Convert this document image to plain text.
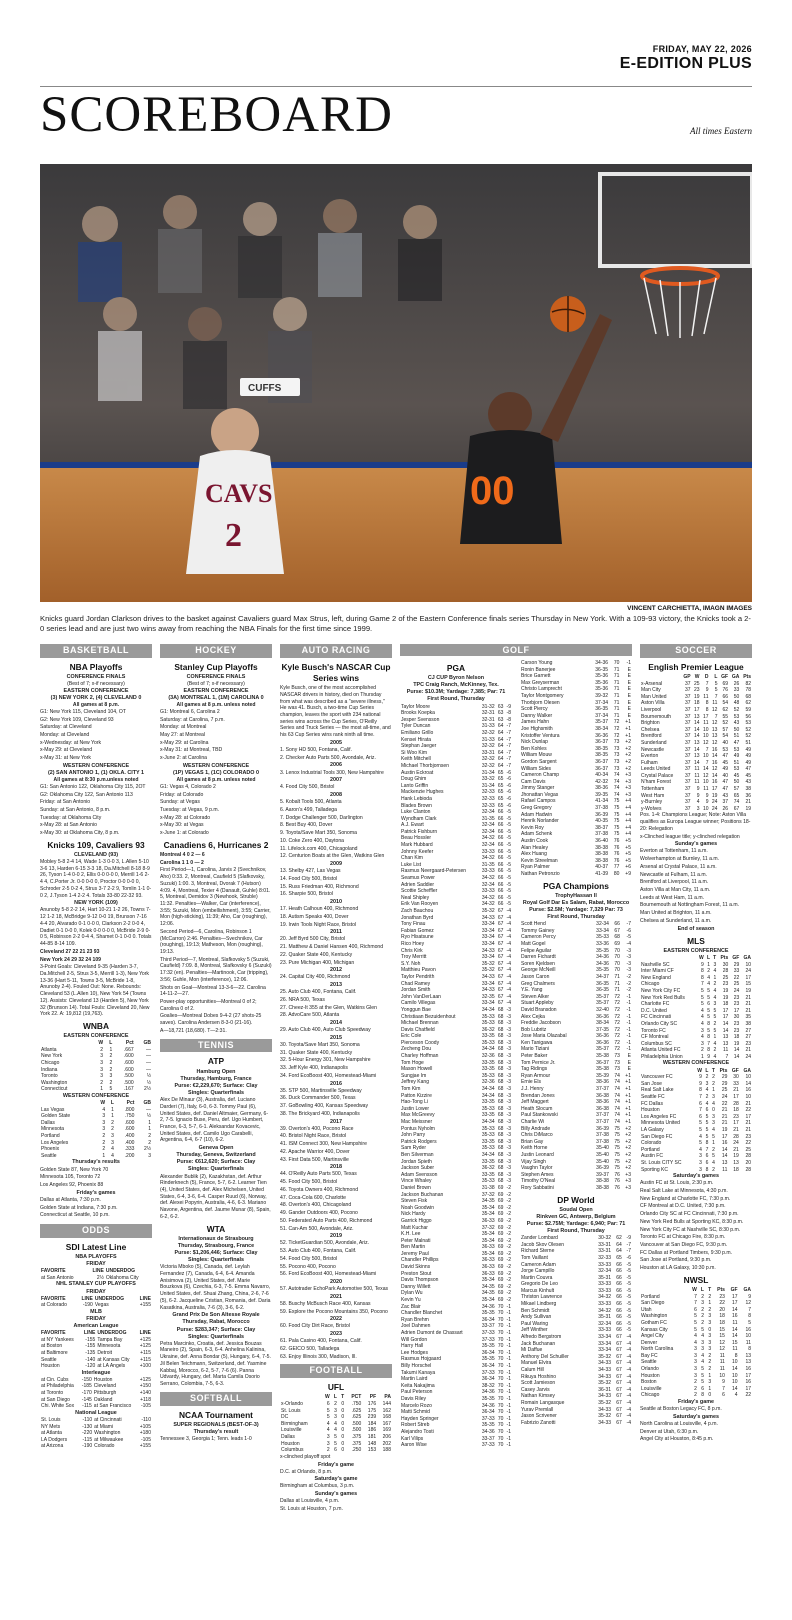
FRIDAY, MAY 22, 2026
E-EDITION PLUS
SCOREBOARD	All times Eastern
CAVS
2
CUFFS
00
VINCENT CARCHIETTA, IMAGN IMAGES
Knicks guard Jordan Clarkson drives to the basket against Cavaliers guard Max Strus, left, during Game 2 of the Eastern Conference finals series Thursday in New York. With a 109-93 victory, the Knicks took a 2-0 series lead and are just two wins away from reaching the NBA Finals for the first time since 1999.
BASKETBALL
NBA Playoffs
CONFERENCE FINALS
(Best of 7; x-if necessary)
EASTERN CONFERENCE
(3) NEW YORK 2, (4) CLEVELAND 0
All games at 8 p.m.

G1: New York 115, Cleveland 104, OT

G2: New York 109, Cleveland 93

Saturday: at Cleveland

Monday: at Cleveland

x-Wednesday: at New York

x-May 29: at Cleveland

x-May 31: at New York

WESTERN CONFERENCE
(2) SAN ANTONIO 1, (1) OKLA. CITY 1
All games at 8:30 p.m.unless noted

G1: San Antonio 122, Oklahoma City 115, 2OT

G2: Oklahoma City 122, San Antonio 113

Friday: at San Antonio

Sunday: at San Antonio, 8 p.m.

Tuesday: at Oklahoma City

x-May 28: at San Antonio

x-May 30: at Oklahoma City, 8 p.m.

Knicks 109, Cavaliers 93
CLEVELAND (93)

Mobley 5-8 2-4 14, Wade 1-3 0-0 3, L.Allen 5-10 3-6 13, Harden 6-15 3-3 18, Da.Mitchell 8-18 8-9 26, Tyson 1-4 0-0 2, Ellis 0-0 0-0 0, Merrill 1-6 2-4 4, C.Porter Jr. 0-0 0-0 0, Proctor 0-0 0-0 0, Schroder 2-5 0-2 4, Strus 3-7 2-2 9, Tomlin 1-1 0-0 2, J.Tyson 1-4 2-2 4. Totals 33-80 22-32 93.

NEW YORK (109)

Anunoby 5-8 2-2 14, Hart 10-21 1-2 26, Towns 7-12 1-2 18, McBridge 9-12 0-0 19, Brunson 7-16 4-4 20, Alvarado 0-1 0-0 0, Clarkson 2-2 0-0 4, Dadiet 0-1 0-0 0, Kolek 0-0 0-0 0, McBride 2-9 0-0 5, Robinson 2-2 0-4 4, Shamet 0-1 0-0 0. Totals 44-85 8-14 109.

Cleveland 27 22 21 23 93

New York 24 29 32 24 109

3-Point Goals: Cleveland 9-35 (Harden 3-7, Da.Mitchell 2-5, Strus 3-5, Merrill 1-3), New York 13-36 (Hart 5-11, Towns 3-5, McBride 1-8, Anunoby 2-4). Fouled Out: None. Rebounds: Cleveland 53 (L.Allen 10), New York 54 (Towns 12). Assists: Cleveland 13 (Harden 5), New York 32 (Brunson 14). Total Fouls: Cleveland 20, New York 22. A: 19,812 (19,763).

WNBA
EASTERN CONFERENCE
	W	L	Pct	GB
Atlanta	2	1	.667	—
New York	3	2	.600	—
Chicago	3	2	.600	—
Indiana	3	2	.600	—
Toronto	3	3	.500	½
Washington	2	2	.500	½
Connecticut	1	5	.167	2½
WESTERN CONFERENCE
	W	L	Pct	GB
Las Vegas	4	1	.800	—
Golden State	3	1	.750	½
Dallas	3	2	.600	1
Minnesota	3	2	.600	1
Portland	2	3	.400	2
Los Angeles	2	3	.400	2
Phoenix	2	4	.333	2½
Seattle	1	4	.200	3
Thursday's results

Golden State 87, New York 70

Minnesota 105, Toronto 72

Los Angeles 92, Phoenix 88

Friday's games

Dallas at Atlanta, 7:30 p.m.

Golden State at Indiana, 7:30 p.m.

Connecticut at Seattle, 10 p.m.

ODDS
SDI Latest Line
NBA PLAYOFFS
FRIDAY
FAVORITE	LINE	UNDERDOG
at San Antonio	2½	Oklahoma City
NHL STANLEY CUP PLAYOFFS
FRIDAY
FAVORITE	LINE	UNDERDOG	LINE
at Colorado	-190	Vegas	+155
MLB
FRIDAY
American League
FAVORITE	LINE	UNDERDOG	LINE
at NY Yankees	-155	Tampa Bay	+125
at Boston	-155	Minnesota	+125
at Baltimore	-135	Detroit	+115
Seattle	-140	at Kansas City	+115
Houston	-120	at LA Angels	+100
Interleague
at Cin. Cubs	-150	Houston	+125
at Philadelphia	-185	Cleveland	+150
at Toronto	-170	Pittsburgh	+140
at San Diego	-145	Oakland	+118
Chi. White Sox	-115	at San Francisco	-105
National League
St. Louis	-110	at Cincinnati	-110
NY Mets	-130	at Miami	+105
at Atlanta	-220	Washington	+180
LA Dodgers	-115	at Milwaukee	-105
at Arizona	-190	Colorado	+155
HOCKEY
Stanley Cup Playoffs
CONFERENCE FINALS
(Best of 7; x-if necessary)
EASTERN CONFERENCE
(3A) MONTREAL 1, (1M) CAROLINA 0
All games at 8 p.m. unless noted

G1: Montreal 6, Carolina 2

Saturday: at Carolina, 7 p.m.

Monday: at Montreal

May 27: at Montreal

x-May 29: at Carolina

x-May 31: at Montreal, TBD

x-June 2: at Carolina

WESTERN CONFERENCE
(1P) VEGAS 1, (1C) COLORADO 0
All games at 8 p.m. unless noted

G1: Vegas 4, Colorado 2

Friday: at Colorado

Sunday: at Vegas

Tuesday: at Vegas, 9 p.m.

x-May 28: at Colorado

x-May 30: at Vegas

x-June 1: at Colorado

Canadiens 6, Hurricanes 2

Montreal 4 0 2 — 6

Carolina 1 1 0 — 2

First Period—1, Carolina, Jarvis 2 (Svechnikov, Aho) 0:33. 2, Montreal, Caufield 5 (Slafkovsky, Suzuki) 1:00. 3, Montreal, Dvorak 7 (Hutson) 4:09. 4, Montreal, Texier 4 (Danault, Guhle) 8:01. 5, Montreal, Demidov 3 (Newhook, Struble) 11:32. Penalties—Walker, Car (interference), 3:55; Suzuki, Mon (embellishment), 3:55; Carrier, Mon (high-sticking), 11:39; Aho, Car (roughing), 12:06.

Second Period—6, Carolina, Robinson 1 (McCarron) 2:46. Penalties—Svechnikov, Car (roughing), 19:13; Matheson, Mon (roughing), 19:13.

Third Period—7, Montreal, Slafkovsky 5 (Suzuki, Caufield) 7:09. 8, Montreal, Slafkovsky 6 (Suzuki) 17:32 (en). Penalties—Martinook, Car (tripping), 3:56; Guhle, Mon (interference), 12:06.

Shots on Goal—Montreal 13-3-6—22. Carolina 14-11-2—27.

Power-play opportunities—Montreal 0 of 2; Carolina 0 of 2.

Goalies—Montreal Dobes 9-4-2 (27 shots-25 saves). Carolina Andersen 8-3-0 (21-16).

A—18,721 (18,680). T—2:31.

TENNIS
ATP
Hamburg Open
Thursday, Hamburg, France
Purse: €2,229,670; Surface: Clay
Singles: Quarterfinals

Alex De Minaur (3), Australia, def. Luciano Darderi (7), Italy, 6-0, 6-3. Tommy Paul (6), United States, def. Daniel Altmaier, Germany, 6-2, 7-5. Ignacio Buse, Peru, def. Ugo Humbert, France, 6-3, 5-7, 6-1. Aleksandar Kovacevic, United States, def. Camilo Ugo Carabelli, Argentina, 6-4, 6-7 (10), 6-2.

Geneva Open
Thursday, Geneva, Switzerland
Purse: €612,620; Surface: Clay
Singles: Quarterfinals

Alexander Bublik (2), Kazakhstan, def. Arthur Rinderknech (5), France, 5-7, 6-2. Learner Tien (4), United States, def. Alex Michelsen, United States, 6-4, 3-6, 6-4. Casper Ruud (6), Norway, def. Alexei Popyrin, Australia, 4-6, 6-3. Mariano Navone, Argentina, def. Jaume Munar (8), Spain, 6-2, 6-2.

WTA
Internationaux de Strasbourg
Thursday, Strasbourg, France
Purse: $1,206,446; Surface: Clay
Singles: Quarterfinals

Victoria Mboko (5), Canada, def. Leylah Fernandez (7), Canada, 6-4, 6-4. Amanda Anisimova (2), United States, def. Marie Bouzkova (6), Czechia, 6-3, 7-5. Emma Navarro, United States, def. Shuai Zhang, China, 2-6, 7-6 (5), 6-2. Jacqueline Cristian, Romania, def. Daria Kasatkina, Australia, 7-6 (3), 3-6, 6-2.

Grand Prix De Son Altesse Royale
Thursday, Rabat, Morocco
Purse: $283,347; Surface: Clay
Singles: Quarterfinals

Petra Marcinko, Croatia, def. Jessica Bouzas Maneiro (2), Spain, 6-3, 6-4. Anhelina Kalinina, Ukraine, def. Anna Bondar (5), Hungary, 6-4, 7-5. Jil Belen Teichmann, Switzerland, def. Yasmine Kabbaj, Morocco, 6-2, 5-7, 7-6 (6). Panna Udvardy, Hungary, def. Marta Camila Osorio Serrano, Colombia, 7-5, 6-3.

SOFTBALL
NCAA Tournament
SUPER REGIONALS (BEST-OF-3)
Thursday's result

Tennessee 3, Georgia 1; Tenn. leads 1-0

AUTO RACING
Kyle Busch's NASCAR Cup Series wins

Kyle Busch, one of the most accomplished NASCAR drivers in history, died on Thursday from what was described as a "severe illness," He was 41. Busch, a two-time Cup Series champion, leaves the sport with 234 national series wins across the Cup Series, O'Reilly Series and Truck Series — the most all-time, and his 63 Cup Series wins rank ninth all time.

2005

1. Sony HD 500, Fontana, Calif.

2. Checker Auto Parts 500, Avondale, Ariz.

2006

3. Lenox Industrial Tools 300, New Hampshire

2007

4. Food City 500, Bristol

2008

5. Kobalt Tools 500, Atlanta

6. Aaron's 499, Talladega

7. Dodge Challenger 500, Darlington

8. Best Buy 400, Dover

9. Toyota/Save Mart 350, Sonoma

10. Coke Zero 400, Daytona

11. Lifelock.com 400, Chicagoland

12. Centurion Boats at the Glen, Watkins Glen

2009

13. Shelby 427, Las Vegas

14. Food City 500, Bristol

15. Russ Friedman 400, Richmond

16. Sharpie 500, Bristol

2010

17. Heath Calhoun 400, Richmond

18. Autism Speaks 400, Dover

19. Irwin Tools Night Race, Bristol

2011

20. Jeff Byrd 500 City, Bristol

21. Matthew & Daniel Hansen 400, Richmond

22. Quaker State 400, Kentucky

23. Pure Michigan 400, Michigan

2012

24. Capital City 400, Richmond

2013

25. Auto Club 400, Fontana, Calif.

26. NRA 500, Texas

27. Cheez-It 355 at the Glen, Watkins Glen

28. AdvoCare 500, Atlanta

2014

29. Auto Club 400, Auto Club Speedway

2015

30. Toyota/Save Mart 350, Sonoma

31. Quaker State 400, Kentucky

32. 5-Hour Energy 301, New Hampshire

33. Jeff Kyle 400, Indianapolis

34. Ford EcoBoost 400, Homestead-Miami

2016

35. STP 500, Martinsville Speedway

36. Duck Commander 500, Texas

37. GoBowling 400, Kansas Speedway

38. The Brickyard 400, Indianapolis

2017

39. Overton's 400, Pocono Race

40. Bristol Night Race, Bristol

41. ISM Connect 300, New Hampshire

42. Apache Warrior 400, Dover

43. First Data 500, Martinsville

2018

44. O'Reilly Auto Parts 500, Texas

45. Food City 500, Bristol

46. Toyota Owners 400, Richmond

47. Coca-Cola 600, Charlotte

48. Overton's 400, Chicagoland

49. Gander Outdoors 400, Pocono

50. Federated Auto Parts 400, Richmond

51. Can-Am 500, Avondale, Ariz.

2019

52. TicketGuardian 500, Avondale, Ariz.

53. Auto Club 400, Fontana, Calif.

54. Food City 500, Bristol

55. Pocono 400, Pocono

56. Ford EcoBoost 400, Homestead-Miami

2020

57. Autotrader EchoPark Automotive 500, Texas

2021

58. Buschy McBusch Race 400, Kansas

59. Explore the Pocono Mountains 350, Pocono

2022

60. Food City Dirt Race, Bristol

2023

61. Pala Casino 400, Fontana, Calif.

62. GEICO 500, Talladega

63. Enjoy Illinois 300, Madison, Ill.

FOOTBALL
UFL
	W	L	T	PCT	PF	PA
x-Orlando	6	2	0	.750	176	144
St. Louis	5	3	0	.625	175	162
DC	5	3	0	.625	239	168
Birmingham	4	4	0	.500	184	167
Louisville	4	4	0	.500	186	169
Dallas	3	5	0	.375	181	206
Houston	3	5	0	.375	148	202
Columbus	2	6	0	.250	153	188

x-clinched playoff spot

Friday's game

D.C. at Orlando, 8 p.m.

Saturday's game

Birmingham at Columbus, 3 p.m.

Sunday's games

Dallas at Louisville, 4 p.m.

St. Louis at Houston, 7 p.m.

GOLF
PGA
CJ CUP Byron Nelson
TPC Craig Ranch, McKinney, Tex.
Purse: $10.3M; Yardage: 7,385; Par: 71
First Round, Thursday
Taylor Moore	31-32	63	-9
Brooks Koepka	32-31	63	-8
Jesper Svensson	32-31	63	-8
Tyler Duncan	31-33	64	-7
Emiliano Grillo	32-32	64	-7
Kensei Hirata	31-33	64	-7
Stephan Jaeger	32-32	64	-7
Si Woo Kim	33-31	64	-7
Keith Mitchell	32-32	64	-7
Michael Thorbjornsen	32-32	64	-7
Austin Eckroat	31-34	65	-6
Doug Ghim	33-32	65	-6
Lanto Griffin	31-34	65	-6
Mackenzie Hughes	32-33	65	-6
Hank Lebioda	32-33	65	-6
Blades Brown	32-33	65	-6
Luke Clanton	32-34	66	-5
Wyndham Clark	31-35	66	-5
A.J. Ewart	32-34	66	-5
Patrick Fishburn	32-34	66	-5
Beau Hossler	34-32	66	-5
Mark Hubbard	32-34	66	-5
Johnny Keefer	33-33	66	-5
Chan Kim	34-32	66	-5
Luke List	31-35	66	-5
Rasmus Neergaard-Petersen	33-33	66	-5
Seamus Power	34-32	66	-5
Adrien Saddier	32-34	66	-5
Scottie Scheffler	33-33	66	-5
Neal Shipley	34-32	66	-5
Erik Van Rooyen	34-32	66	-5
Zach Bauchou	35-32	67	-4
Jonathan Byrd	34-33	67	-4
Tony Finau	33-34	67	-4
Fabian Gomez	33-34	67	-4
Ryo Hisatsune	33-34	67	-4
Rico Hoey	33-34	67	-4
Chris Kirk	34-33	67	-4
Troy Merritt	33-34	67	-4
S.Y. Noh	35-32	67	-4
Matthieu Pavon	35-32	67	-4
Taylor Pendrith	34-33	67	-4
Chad Ramey	33-34	67	-4
Jordan Smith	34-33	67	-4
John VanDerLaan	32-35	67	-4
Camilo Villegas	33-34	67	-4
Yonggun Bae	34-34	68	-3
Christiaan Bezuidenhout	35-33	68	-3
Michael Brennan	35-33	68	-3
Davis Chatfield	36-32	68	-3
Eric Cole	33-35	68	-3
Pierceson Coody	35-33	68	-3
Zecheng Dou	34-34	68	-3
Charley Hoffman	32-36	68	-3
Tom Hoge	33-35	68	-3
Mason Howell	33-35	68	-3
Sungjae Im	35-33	68	-3
Jeffrey Kang	32-36	68	-3
Tom Kim	34-34	68	-3
Patton Kizzire	34-34	68	-3
Hao-Tong Li	33-35	68	-3
Justin Lower	35-33	68	-3
Max McGreevy	33-35	68	-3
Mac Meissner	34-34	68	-3
Pontus Nyholm	35-33	68	-3
John Parry	35-33	68	-3
Patrick Rodgers	33-35	68	-3
Sam Ryder	35-33	68	-3
Ben Silverman	34-34	68	-3
Jordan Spieth	33-35	68	-3
Jackson Suber	36-32	68	-3
Adam Svensson	33-35	68	-3
Vince Whaley	35-33	68	-3
Daniel Brown	31-38	69	-2
Jackson Buchanan	37-32	69	-2
Steven Fisk	34-35	69	-2
Noah Goodwin	35-34	69	-2
Nick Hardy	35-34	69	-2
Garrick Higgo	36-33	69	-2
Matt Kuchar	37-32	69	-2
K.H. Lee	35-34	69	-2
Peter Malnati	35-34	69	-2
Ben Martin	36-33	69	-2
Jeremy Paul	35-34	69	-2
Chandler Phillips	36-33	69	-2
David Skinns	36-33	69	-2
Preston Stout	36-33	69	-2
Davis Thompson	35-34	69	-2
Danny Willett	34-35	69	-2
Dylan Wu	34-35	69	-2
Kevin Yu	35-34	69	-2
Zac Blair	34-36	70	-1
Chandler Blanchet	35-35	70	-1
Ryan Brehm	36-34	70	-1
Joel Dahmen	33-37	70	-1
Adrien Dumont de Chassart	37-33	70	-1
Will Gordon	37-33	70	-1
Harry Hall	35-35	70	-1
Lee Hodges	36-34	70	-1
Rasmus Hojgaard	35-35	70	-1
Billy Horschel	36-34	70	-1
Takumi Kanaya	37-33	70	-1
Martin Laird	36-34	70	-1
Keita Nakajima	38-32	70	-1
Paul Peterson	34-36	70	-1
Davis Riley	35-35	70	-1
Marcelo Rozo	34-36	70	-1
Matti Schmid	36-34	70	-1
Hayden Springer	37-33	70	-1
Robert Streb	35-35	70	-1
Alejandro Tosti	34-36	70	-1
Karl Vilips	33-37	70	-1
Aaron Wise	37-33	70	-1
Carson Young	34-36	70	-1
Ronin Banerjee	36-35	71	E
Brice Garnett	35-36	71	E
Max Greyserman	35-36	71	E
Christo Lamprecht	35-36	71	E
Taylor Montgomery	39-32	71	E
Thorbjorn Olesen	37-34	71	E
Scott Piercy	36-35	71	E
Danny Walker	37-34	71	E
James Hahn	35-37	72	+1
Joe Highsmith	38-34	72	+1
Kristoffer Ventura	36-36	72	+1
Nick Dunlap	36-37	73	+2
Ben Kohles	38-35	73	+2
William Mouw	38-35	73	+2
Gordon Sargent	36-37	73	+2
William Sides	36-37	73	+2
Cameron Champ	40-34	74	+3
Cam Davis	42-32	74	+3
Jimmy Stanger	38-36	74	+3
Jhonattan Vegas	39-35	74	+3
Rafael Campos	41-34	75	+4
Greg Gregory	37-38	75	+4
Adam Hadwin	36-39	75	+4
Henrik Norlander	40-35	75	+4
Kevin Roy	38-37	75	+4
Adam Schenk	37-38	75	+4
Austin Cook	36-40	76	+5
Alan Healey	38-38	76	+5
Alex Huang	38-38	76	+5
Kevin Streelman	38-38	76	+5
Ryan Palmer	40-37	77	+6
Nathan Petronzio	41-39	80	+9
PGA Champions
TrophyHassan II
Royal Golf Dar Es Salam, Rabat, Morocco
Purse: $2.5M; Yardage: 7,329 Par: 73
First Round, Thursday
Scott Hend	32-34	66	-7
Tommy Gainey	33-34	67	-6
Cameron Percy	35-33	68	-5
Matt Gogel	33-36	69	-4
Felipe Aguilar	35-35	70	-3
Darren Fichardt	34-36	70	-3
Soren Kjeldsen	34-36	70	-3
George McNeill	35-35	70	-3
Jason Caron	34-37	71	-2
Greg Chalmers	36-35	71	-2
Y.E. Yang	36-35	71	-2
Steven Alker	35-37	72	-1
Stuart Appleby	35-37	72	-1
David Bransdon	32-40	72	-1
Alex Cejka	36-36	72	-1
Freddie Jacobson	38-34	72	-1
Bob Lubritz	37-35	72	-1
Jose Maria Olazabal	36-36	72	-1
Ken Tanigawa	36-36	72	-1
Mario Tiziani	35-37	72	-1
Peter Baker	35-38	73	E
Tom Pernice Jr.	36-37	73	E
Tag Ridings	35-38	73	E
Ryan Armour	35-39	74	+1
Ernie Els	38-36	74	+1
J.J. Henry	37-37	74	+1
Brendan Jones	36-38	74	+1
Jeff Maggert	38-36	74	+1
Heath Slocum	36-38	74	+1
Paul Stankowski	37-37	74	+1
Charlie Wi	37-37	74	+1
Billy Andrade	36-39	75	+2
Chris DiMarco	37-38	75	+2
Brian Gay	37-38	75	+2
Keith Horne	35-40	75	+2
Justin Leonard	35-40	75	+2
Vijay Singh	35-40	75	+2
Vaughn Taylor	36-39	75	+2
Stephen Ames	39-37	76	+3
Timothy O'Neal	38-38	76	+3
Rory Sabbatini	38-38	76	+3
DP World
Soudal Open
Rinkven GC, Antwerp, Belgium
Purse: $2.75M; Yardage: 6,940; Par: 71
First Round, Thursday
Zander Lombard	30-32	62	-9
Jacob Skov Olesen	33-31	64	-7
Richard Sterne	33-31	64	-7
Tom Vaillant	32-33	65	-6
Cameron Adam	33-33	66	-5
Jorge Campillo	32-34	66	-5
Martin Couvra	35-31	66	-5
Gregorio De Leo	33-33	66	-5
Marcus Kinhult	33-33	66	-5
Thriston Lawrence	34-32	66	-5
Mikael Lindberg	33-33	66	-5
Ben Schmidt	34-32	66	-5
Andy Sullivan	35-31	66	-5
Paul Waring	32-34	66	-5
Jeff Winther	33-33	66	-5
Alfredo Bergstrom	33-34	67	-4
Jack Buchanan	33-34	67	-4
Mi Daffue	33-34	67	-4
Anthony Del Schuiller	35-32	67	-4
Manuel Elvira	34-33	67	-4
Calum Hill	34-33	67	-4
Rikuya Hoshino	34-33	67	-4
Scott Jamieson	35-32	67	-4
Casey Jarvis	36-31	67	-4
Nathan Kimsey	34-33	67	-4
Romain Langasque	35-32	67	-4
Yurav Premlall	34-33	67	-4
Jason Scrivener	35-32	67	-4
Fabrizio Zanotti	34-33	67	-4
SOCCER
English Premier League
	GP	W	D	L	GF	GA	Pts
x-Arsenal	37	25	7	5	69	26	82
Man City	37	23	9	5	76	33	78
Man United	37	19	11	7	66	50	68
Aston Villa	37	18	8	11	54	48	62
Liverpool	37	17	8	12	62	52	59
Bournemouth	37	13	17	7	55	53	56
Brighton	37	14	11	12	52	43	53
Chelsea	37	14	10	13	57	50	52
Brentford	37	14	10	13	54	51	52
Sunderland	37	13	12	12	40	47	51
Newcastle	37	14	7	16	53	53	49
Everton	37	13	10	14	47	49	49
Fulham	37	14	7	16	45	51	49
Leeds United	37	11	14	12	49	53	47
Crystal Palace	37	11	12	14	40	45	45
N'ham Forest	37	11	10	16	47	50	43
Tottenham	37	9	11	17	47	57	38
West Ham	37	9	9	19	43	65	36
y-Burnley	37	4	9	24	37	74	21
y-Wolves	37	3	10	24	26	67	19

Pos. 1-4: Champions League; Note: Aston Villa qualifies as Europa League winner; Positions 18-20: Relegation

x-Clinched league title; y-clinched relegation

Sunday's games

Everton at Tottenham, 11 a.m.

Wolverhampton at Burnley, 11 a.m.

Arsenal at Crystal Palace, 11 a.m.

Newcastle at Fulham, 11 a.m.

Brentford at Liverpool, 11 a.m.

Aston Villa at Man City, 11 a.m.

Leeds at West Ham, 11 a.m.

Bournemouth at Nottingham Forest, 11 a.m.

Man United at Brighton, 11 a.m.

Chelsea at Sunderland, 11 a.m.

End of season
MLS
EASTERN CONFERENCE
	W	L	T	Pts	GF	GA
Nashville SC	9	1	3	30	29	10
Inter Miami CF	8	2	4	28	33	24
New England	8	4	1	25	22	17
Chicago	7	4	2	23	25	15
New York City FC	5	5	4	19	24	19
New York Red Bulls	5	5	4	19	23	21
Charlotte FC	5	6	3	18	23	21
D.C. United	4	5	5	17	17	21
FC Cincinnati	4	5	5	17	30	35
Orlando City SC	4	8	2	14	23	38
Toronto FC	3	5	5	14	23	27
CF Montreal	4	8	1	13	18	27
Columbus SC	3	7	4	13	19	23
Atlanta United FC	2	8	2	11	14	21
Philadelphia Union	1	9	4	7	14	24
WESTERN CONFERENCE
	W	L	T	Pts	GF	GA
Vancouver FC	9	2	2	29	30	10
San Jose	9	3	2	29	33	14
Real Salt Lake	8	4	1	25	21	16
Seattle FC	7	2	3	24	17	10
FC Dallas	6	4	4	22	28	21
Houston	7	6	0	21	18	22
Los Angeles FC	6	5	3	21	23	17
Minnesota United	5	5	3	21	17	21
LA Galaxy	5	5	4	19	21	21
San Diego FC	4	5	5	17	28	23
Colorado	5	8	1	16	24	22
Portland	4	7	2	14	21	25
Austin FC	3	6	5	14	19	28
St. Louis CITY SC	3	6	4	13	13	20
Sporting KC	3	8	2	11	18	28
Saturday's games

Austin FC at St. Louis, 2:30 p.m.

Real Salt Lake at Minnesota, 4:30 p.m.

New England at Charlotte FC, 7:30 p.m.

CF Montreal at D.C. United, 7:30 p.m.

Orlando City SC at FC Cincinnati, 7:30 p.m.

New York Red Bulls at Sporting KC, 8:30 p.m.

New York City FC at Nashville SC, 8:30 p.m.

Toronto FC at Chicago Fire, 8:30 p.m.

Vancouver at San Diego FC, 9:30 p.m.

FC Dallas at Portland Timbers, 9:30 p.m.

San Jose at Portland, 9:30 p.m.

Houston at LA Galaxy, 10:30 p.m.

NWSL
	W	L	T	Pts	GF	GA
Portland	7	2	2	23	17	9
San Diego	7	3	1	22	17	12
Utah	6	2	2	20	14	7
Washington	5	2	3	18	16	8
Gotham FC	5	2	3	18	11	5
Kansas City	5	5	0	15	14	16
Angel City	4	4	3	15	14	10
Denver	4	3	3	12	15	11
North Carolina	3	3	3	12	11	8
Bay FC	3	4	2	11	8	13
Seattle	3	4	2	11	10	13
Orlando	3	5	2	11	14	16
Houston	3	5	1	10	10	17
Boston	2	5	3	9	10	16
Louisville	2	6	1	7	14	17
Chicago	2	8	0	6	4	22
Friday's game

Seattle at Boston Legacy FC, 8 p.m.

Saturday's games

North Carolina at Louisville, 4 p.m.

Denver at Utah, 6:30 p.m.

Angel City at Houston, 8:45 p.m.
